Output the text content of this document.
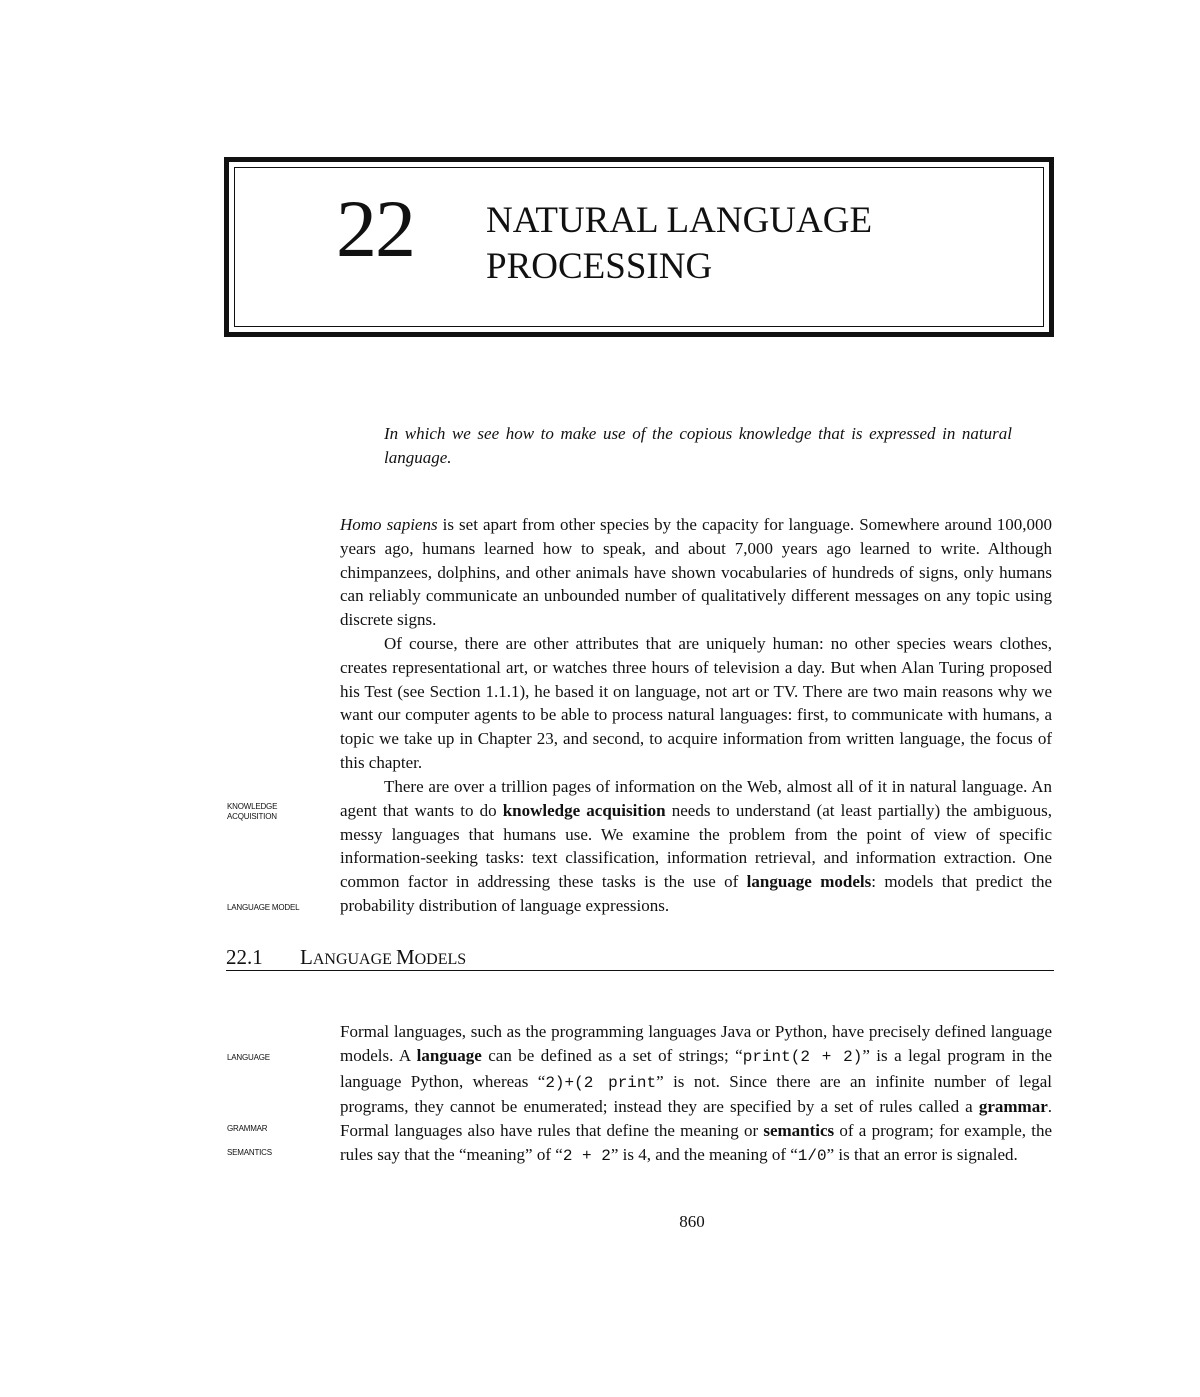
22 NATURAL LANGUAGE
PROCESSING
In which we see how to make use of the copious knowledge that is expressed in natural language.

Homo sapiens is set apart from other species by the capacity for language. Somewhere around 100,000 years ago, humans learned how to speak, and about 7,000 years ago learned to write. Although chimpanzees, dolphins, and other animals have shown vocabularies of hundreds of signs, only humans can reliably communicate an unbounded number of qualitatively different messages on any topic using discrete signs.

Of course, there are other attributes that are uniquely human: no other species wears clothes, creates representational art, or watches three hours of television a day. But when Alan Turing proposed his Test (see Section 1.1.1), he based it on language, not art or TV. There are two main reasons why we want our computer agents to be able to process natural languages: first, to communicate with humans, a topic we take up in Chapter 23, and second, to acquire information from written language, the focus of this chapter.

There are over a trillion pages of information on the Web, almost all of it in natural language. An agent that wants to do knowledge acquisition needs to understand (at least partially) the ambiguous, messy languages that humans use. We examine the problem from the point of view of specific information-seeking tasks: text classification, information retrieval, and information extraction. One common factor in addressing these tasks is the use of language models: models that predict the probability distribution of language expressions.

KNOWLEDGE
ACQUISITION
LANGUAGE MODEL
22.1 LANGUAGE MODELS

Formal languages, such as the programming languages Java or Python, have precisely defined language models. A language can be defined as a set of strings; “print(2 + 2)” is a legal program in the language Python, whereas “2)+(2 print” is not. Since there are an infinite number of legal programs, they cannot be enumerated; instead they are specified by a set of rules called a grammar. Formal languages also have rules that define the meaning or semantics of a program; for example, the rules say that the “meaning” of “2 + 2” is 4, and the meaning of “1/0” is that an error is signaled.

LANGUAGE
GRAMMAR
SEMANTICS
860
